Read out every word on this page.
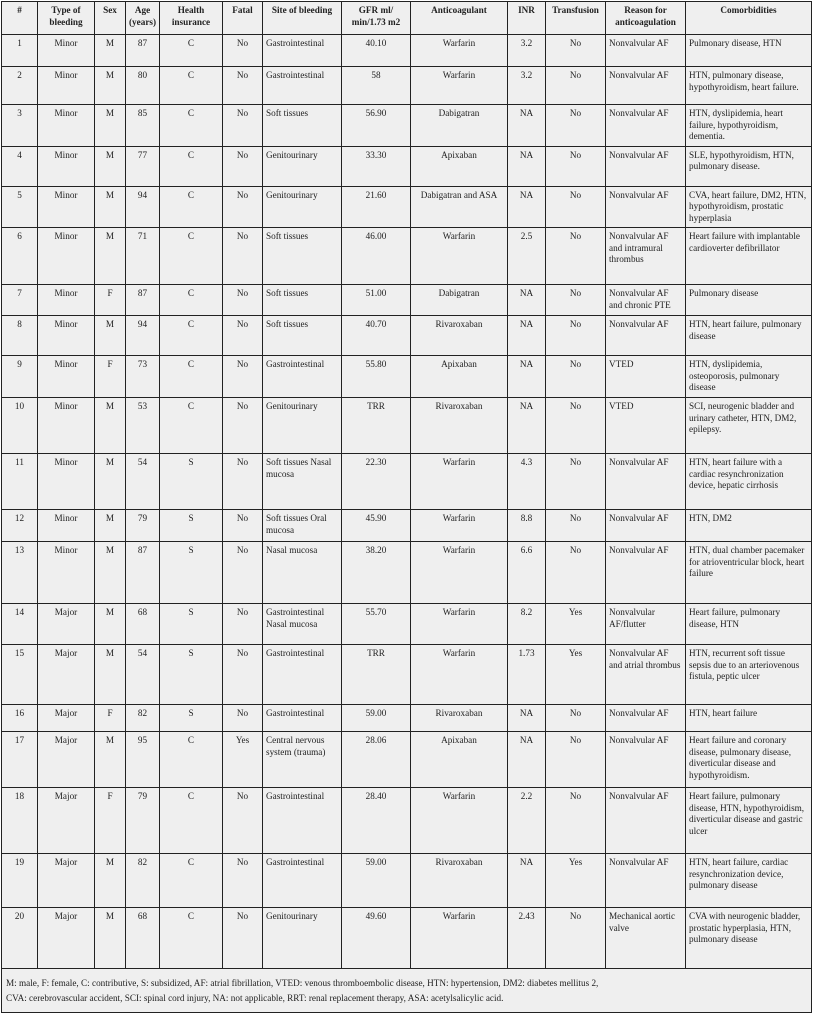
#	Type of bleeding	Sex	Age (years)	Health insurance	Fatal	Site of bleeding	GFR ml/ min/1.73 m2	Anticoagulant	INR	Transfusion	Reason for anticoagulation	Comorbidities
1	Minor	M	87	C	No	Gastrointestinal	40.10	Warfarin	3.2	No	Nonvalvular AF	Pulmonary disease, HTN
2	Minor	M	80	C	No	Gastrointestinal	58	Warfarin	3.2	No	Nonvalvular AF	HTN, pulmonary disease, hypothyroidism, heart failure.
3	Minor	M	85	C	No	Soft tissues	56.90	Dabigatran	NA	No	Nonvalvular AF	HTN, dyslipidemia, heart failure, hypothyroidism, dementia.
4	Minor	M	77	C	No	Genitourinary	33.30	Apixaban	NA	No	Nonvalvular AF	SLE, hypothyroidism, HTN, pulmonary disease.
5	Minor	M	94	C	No	Genitourinary	21.60	Dabigatran and ASA	NA	No	Nonvalvular AF	CVA, heart failure, DM2, HTN, hypothyroidism, prostatic hyperplasia
6	Minor	M	71	C	No	Soft tissues	46.00	Warfarin	2.5	No	Nonvalvular AF and intramural thrombus	Heart failure with implantable cardioverter defibrillator
7	Minor	F	87	C	No	Soft tissues	51.00	Dabigatran	NA	No	Nonvalvular AF and chronic PTE	Pulmonary disease
8	Minor	M	94	C	No	Soft tissues	40.70	Rivaroxaban	NA	No	Nonvalvular AF	HTN, heart failure, pulmonary disease
9	Minor	F	73	C	No	Gastrointestinal	55.80	Apixaban	NA	No	VTED	HTN, dyslipidemia, osteoporosis, pulmonary disease
10	Minor	M	53	C	No	Genitourinary	TRR	Rivaroxaban	NA	No	VTED	SCI, neurogenic bladder and urinary catheter, HTN, DM2, epilepsy.
11	Minor	M	54	S	No	Soft tissues Nasal mucosa	22.30	Warfarin	4.3	No	Nonvalvular AF	HTN, heart failure with a cardiac resynchronization device, hepatic cirrhosis
12	Minor	M	79	S	No	Soft tissues Oral mucosa	45.90	Warfarin	8.8	No	Nonvalvular AF	HTN, DM2
13	Minor	M	87	S	No	Nasal mucosa	38.20	Warfarin	6.6	No	Nonvalvular AF	HTN, dual chamber pacemaker for atrioventricular block, heart failure
14	Major	M	68	S	No	Gastrointestinal Nasal mucosa	55.70	Warfarin	8.2	Yes	Nonvalvular AF/flutter	Heart failure, pulmonary disease, HTN
15	Major	M	54	S	No	Gastrointestinal	TRR	Warfarin	1.73	Yes	Nonvalvular AF and atrial thrombus	HTN, recurrent soft tissue sepsis due to an arteriovenous fistula, peptic ulcer
16	Major	F	82	S	No	Gastrointestinal	59.00	Rivaroxaban	NA	No	Nonvalvular AF	HTN, heart failure
17	Major	M	95	C	Yes	Central nervous system (trauma)	28.06	Apixaban	NA	No	Nonvalvular AF	Heart failure and coronary disease, pulmonary disease, diverticular disease and hypothyroidism.
18	Major	F	79	C	No	Gastrointestinal	28.40	Warfarin	2.2	No	Nonvalvular AF	Heart failure, pulmonary disease, HTN, hypothyroidism, diverticular disease and gastric ulcer
19	Major	M	82	C	No	Gastrointestinal	59.00	Rivaroxaban	NA	Yes	Nonvalvular AF	HTN, heart failure, cardiac resynchronization device, pulmonary disease
20	Major	M	68	C	No	Genitourinary	49.60	Warfarin	2.43	No	Mechanical aortic valve	CVA with neurogenic bladder, prostatic hyperplasia, HTN, pulmonary disease

M: male, F: female, C: contributive, S: subsidized, AF: atrial fibrillation, VTED: venous thromboembolic disease, HTN: hypertension, DM2: diabetes mellitus 2,
CVA: cerebrovascular accident, SCI: spinal cord injury, NA: not applicable, RRT: renal replacement therapy, ASA: acetylsalicylic acid.												
